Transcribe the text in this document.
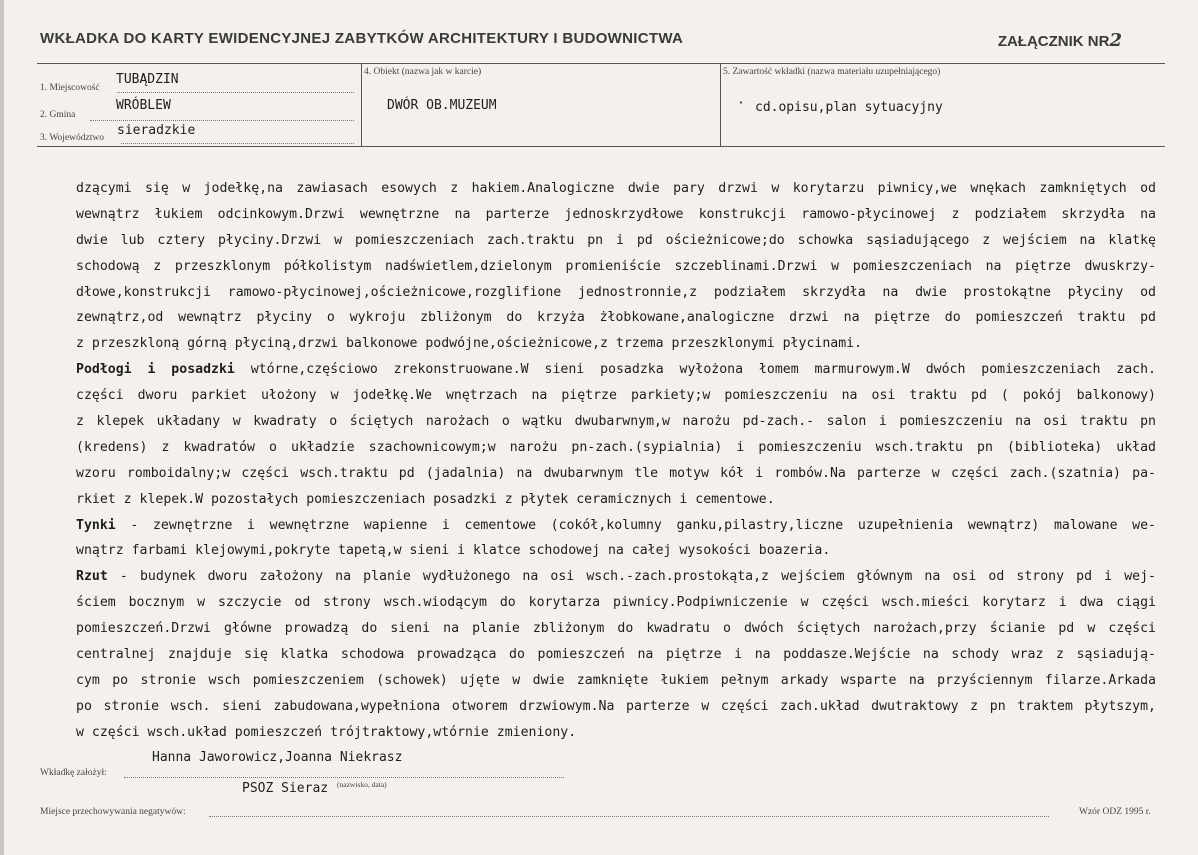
WKŁADKA DO KARTY EWIDENCYJNEJ ZABYTKÓW ARCHITEKTURY I BUDOWNICTWA	ZAŁĄCZNIK NR2
1. Miejscowość
TUBĄDZIN
2. Gmina
WRÓBLEW
3. Województwo sieradzkie
4. Obiekt (nazwa jak w karcie)
DWÓR OB.MUZEUM
5. Zawartość wkładki (nazwa materiału uzupełniającego)
· cd.opisu,plan sytuacyjny
dzącymi się w jodełkę,na zawiasach esowych z hakiem.Analogiczne dwie pary drzwi w korytarzu piwnicy,we wnękach zamkniętych od
wewnątrz łukiem odcinkowym.Drzwi wewnętrzne na parterze jednoskrzydłowe konstrukcji ramowo-płycinowej z podziałem skrzydła na
dwie lub cztery płyciny.Drzwi w pomieszczeniach zach.traktu pn i pd ościeżnicowe;do schowka sąsiadującego z wejściem na klatkę
schodową z przeszklonym półkolistym nadświetlem,dzielonym promieniście szczeblinami.Drzwi w pomieszczeniach na piętrze dwuskrzy-
dłowe,konstrukcji ramowo-płycinowej,ościeżnicowe,rozglifione jednostronnie,z podziałem skrzydła na dwie prostokątne płyciny od
zewnątrz,od wewnątrz płyciny o wykroju zbliżonym do krzyża żłobkowane,analogiczne drzwi na piętrze do pomieszczeń traktu pd
z przeszkloną górną płyciną,drzwi balkonowe podwójne,ościeżnicowe,z trzema przeszklonymi płycinami.
Podłogi i posadzki wtórne,częściowo zrekonstruowane.W sieni posadzka wyłożona łomem marmurowym.W dwóch pomieszczeniach zach.
części dworu parkiet ułożony w jodełkę.We wnętrzach na piętrze parkiety;w pomieszczeniu na osi traktu pd ( pokój balkonowy)
z klepek układany w kwadraty o ściętych narożach o wątku dwubarwnym,w narożu pd-zach.- salon i pomieszczeniu na osi traktu pn
(kredens) z kwadratów o układzie szachownicowym;w narożu pn-zach.(sypialnia) i pomieszczeniu wsch.traktu pn (biblioteka) układ
wzoru romboidalny;w części wsch.traktu pd (jadalnia) na dwubarwnym tle motyw kół i rombów.Na parterze w części zach.(szatnia) pa-
rkiet z klepek.W pozostałych pomieszczeniach posadzki z płytek ceramicznych i cementowe.
Tynki - zewnętrzne i wewnętrzne wapienne i cementowe (cokół,kolumny ganku,pilastry,liczne uzupełnienia wewnątrz) malowane we-
wnątrz farbami klejowymi,pokryte tapetą,w sieni i klatce schodowej na całej wysokości boazeria.
Rzut - budynek dworu założony na planie wydłużonego na osi wsch.-zach.prostokąta,z wejściem głównym na osi od strony pd i wej-
ściem bocznym w szczycie od strony wsch.wiodącym do korytarza piwnicy.Podpiwniczenie w części wsch.mieści korytarz i dwa ciągi
pomieszczeń.Drzwi główne prowadzą do sieni na planie zbliżonym do kwadratu o dwóch ściętych narożach,przy ścianie pd w części
centralnej znajduje się klatka schodowa prowadząca do pomieszczeń na piętrze i na poddasze.Wejście na schody wraz z sąsiadują-
cym po stronie wsch pomieszczeniem (schowek) ujęte w dwie zamknięte łukiem pełnym arkady wsparte na przyściennym filarze.Arkada
po stronie wsch. sieni zabudowana,wypełniona otworem drzwiowym.Na parterze w części zach.układ dwutraktowy z pn traktem płytszym,
w części wsch.układ pomieszczeń trójtraktowy,wtórnie zmieniony.
Hanna Jaworowicz,Joanna Niekrasz
Wkładkę założył:
PSOZ Sieraz (nazwisko, data)
Miejsce przechowywania negatywów:	Wzór ODZ 1995 r.
